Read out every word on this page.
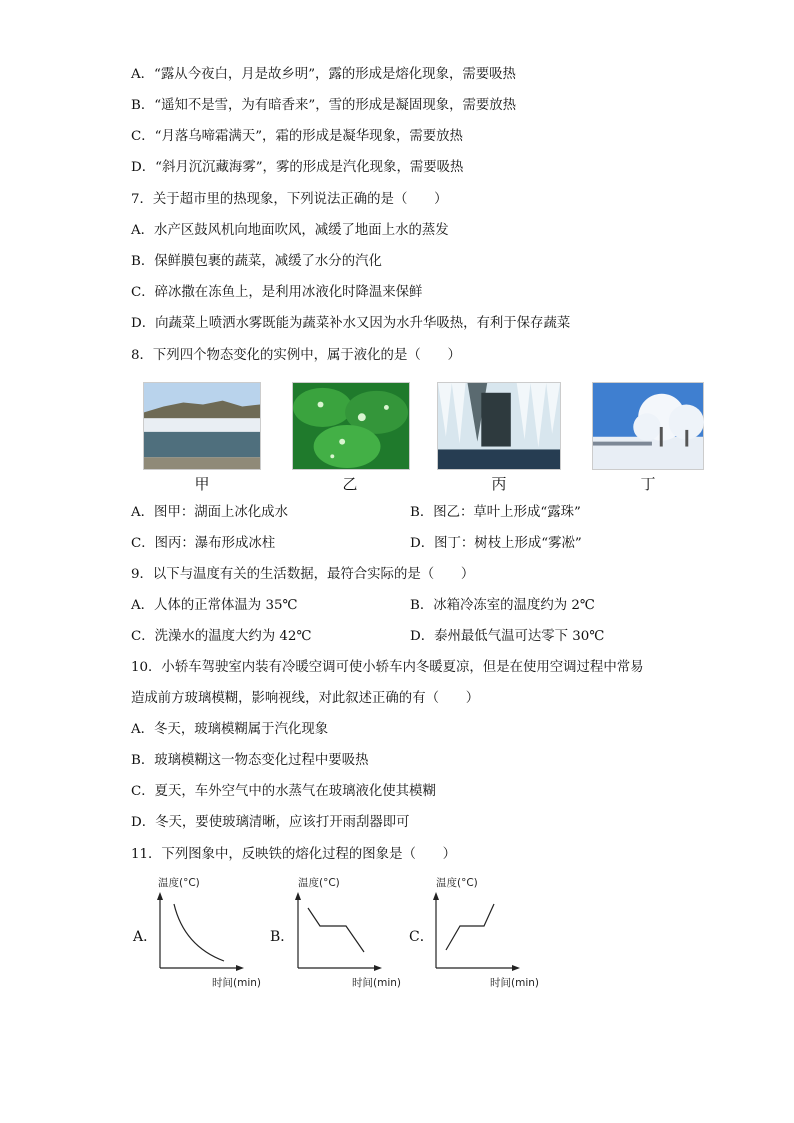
A．“露从今夜白，月是故乡明”，露的形成是熔化现象，需要吸热
B．“遥知不是雪，为有暗香来”，雪的形成是凝固现象，需要放热
C．“月落乌啼霜满天”，霜的形成是凝华现象，需要放热
D．“斜月沉沉藏海雾”，雾的形成是汽化现象，需要吸热
7．关于超市里的热现象，下列说法正确的是（　　）
A．水产区鼓风机向地面吹风，减缓了地面上水的蒸发
B．保鲜膜包裹的蔬菜，减缓了水分的汽化
C．碎冰撒在冻鱼上，是利用冰液化时降温来保鲜
D．向蔬菜上喷洒水雾既能为蔬菜补水又因为水升华吸热，有利于保存蔬菜
8．下列四个物态变化的实例中，属于液化的是（　　）
甲	乙	丙	丁
A．图甲：湖面上冰化成水	B．图乙：草叶上形成“露珠”
C．图丙：瀑布形成冰柱	D．图丁：树枝上形成“雾凇”
9．以下与温度有关的生活数据，最符合实际的是（　　）
A．人体的正常体温为 35℃	B．冰箱冷冻室的温度约为 2℃
C．洗澡水的温度大约为 42℃	D．泰州最低气温可达零下 30℃
10．小轿车驾驶室内装有冷暖空调可使小轿车内冬暖夏凉，但是在使用空调过程中常易
造成前方玻璃模糊，影响视线，对此叙述正确的有（　　）
A．冬天，玻璃模糊属于汽化现象
B．玻璃模糊这一物态变化过程中要吸热
C．夏天，车外空气中的水蒸气在玻璃液化使其模糊
D．冬天，要使玻璃清晰，应该打开雨刮器即可
11．下列图象中，反映铁的熔化过程的图象是（　　）
A．	B．	C．
温度(°C)
时间(min)
温度(°C)
时间(min)
温度(°C)
时间(min)
